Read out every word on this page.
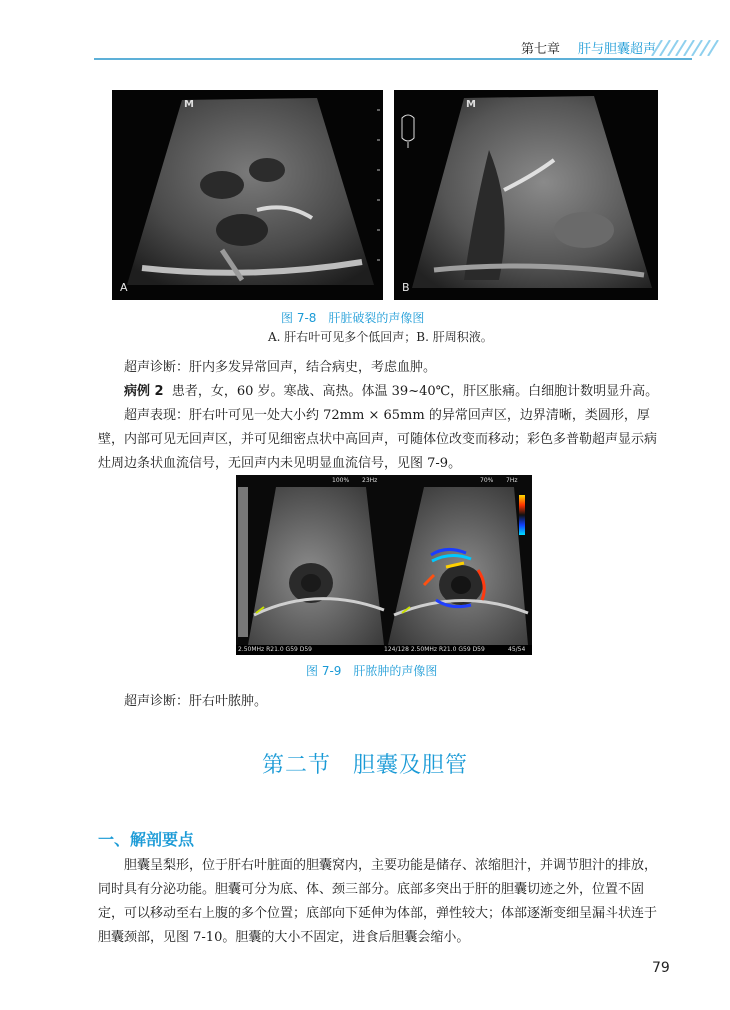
第七章 肝与胆囊超声
M
A
M
B
图 7-8 肝脏破裂的声像图
A. 肝右叶可见多个低回声；B. 肝周积液。
超声诊断：肝内多发异常回声，结合病史，考虑血肿。
病例 2 患者，女，60 岁。寒战、高热。体温 39~40℃，肝区胀痛。白细胞计数明显升高。
超声表现：肝右叶可见一处大小约 72mm × 65mm 的异常回声区，边界清晰，类圆形，厚壁，内部可见无回声区，并可见细密点状中高回声，可随体位改变而移动；彩色多普勒超声显示病灶周边条状血流信号，无回声内未见明显血流信号，见图 7-9。
100% 23Hz	70% 7Hz
2.50MHz R21.0 G59 D59	124/128 2.50MHz R21.0 G59 D59	45/54
图 7-9 肝脓肿的声像图
超声诊断：肝右叶脓肿。
第二节 胆囊及胆管
一、解剖要点
胆囊呈梨形，位于肝右叶脏面的胆囊窝内，主要功能是储存、浓缩胆汁，并调节胆汁的排放，同时具有分泌功能。胆囊可分为底、体、颈三部分。底部多突出于肝的胆囊切迹之外，位置不固定，可以移动至右上腹的多个位置；底部向下延伸为体部，弹性较大；体部逐渐变细呈漏斗状连于胆囊颈部，见图 7-10。胆囊的大小不固定，进食后胆囊会缩小。
79
